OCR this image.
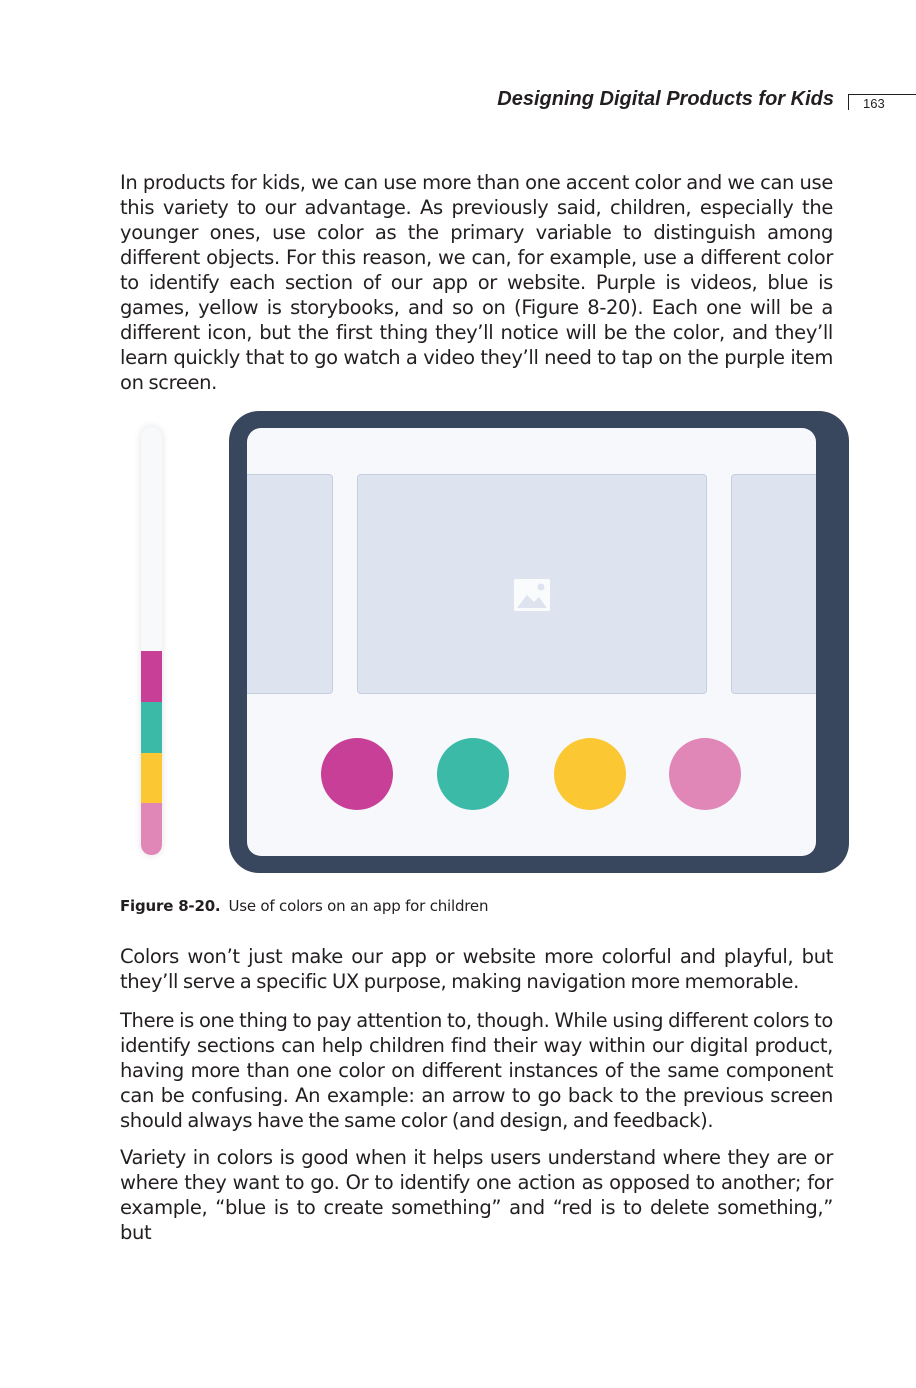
Designing Digital Products for Kids	163

In products for kids, we can use more than one accent color and we can use this variety to our advantage. As previously said, children, especially the younger ones, use color as the primary variable to distinguish among different objects. For this reason, we can, for example, use a different color to identify each section of our app or website. Purple is videos, blue is games, yellow is storybooks, and so on (Figure 8-20). Each one will be a different icon, but the first thing they’ll notice will be the color, and they’ll learn quickly that to go watch a video they’ll need to tap on the purple item on screen.

Figure 8-20. Use of colors on an app for children

Colors won’t just make our app or website more colorful and playful, but they’ll serve a specific UX purpose, making navigation more memorable.

There is one thing to pay attention to, though. While using different colors to identify sections can help children find their way within our digital product, having more than one color on different instances of the same component can be confusing. An example: an arrow to go back to the previous screen should always have the same color (and design, and feedback).

Variety in colors is good when it helps users understand where they are or where they want to go. Or to identify one action as opposed to another; for example, “blue is to create something” and “red is to delete something,” but
